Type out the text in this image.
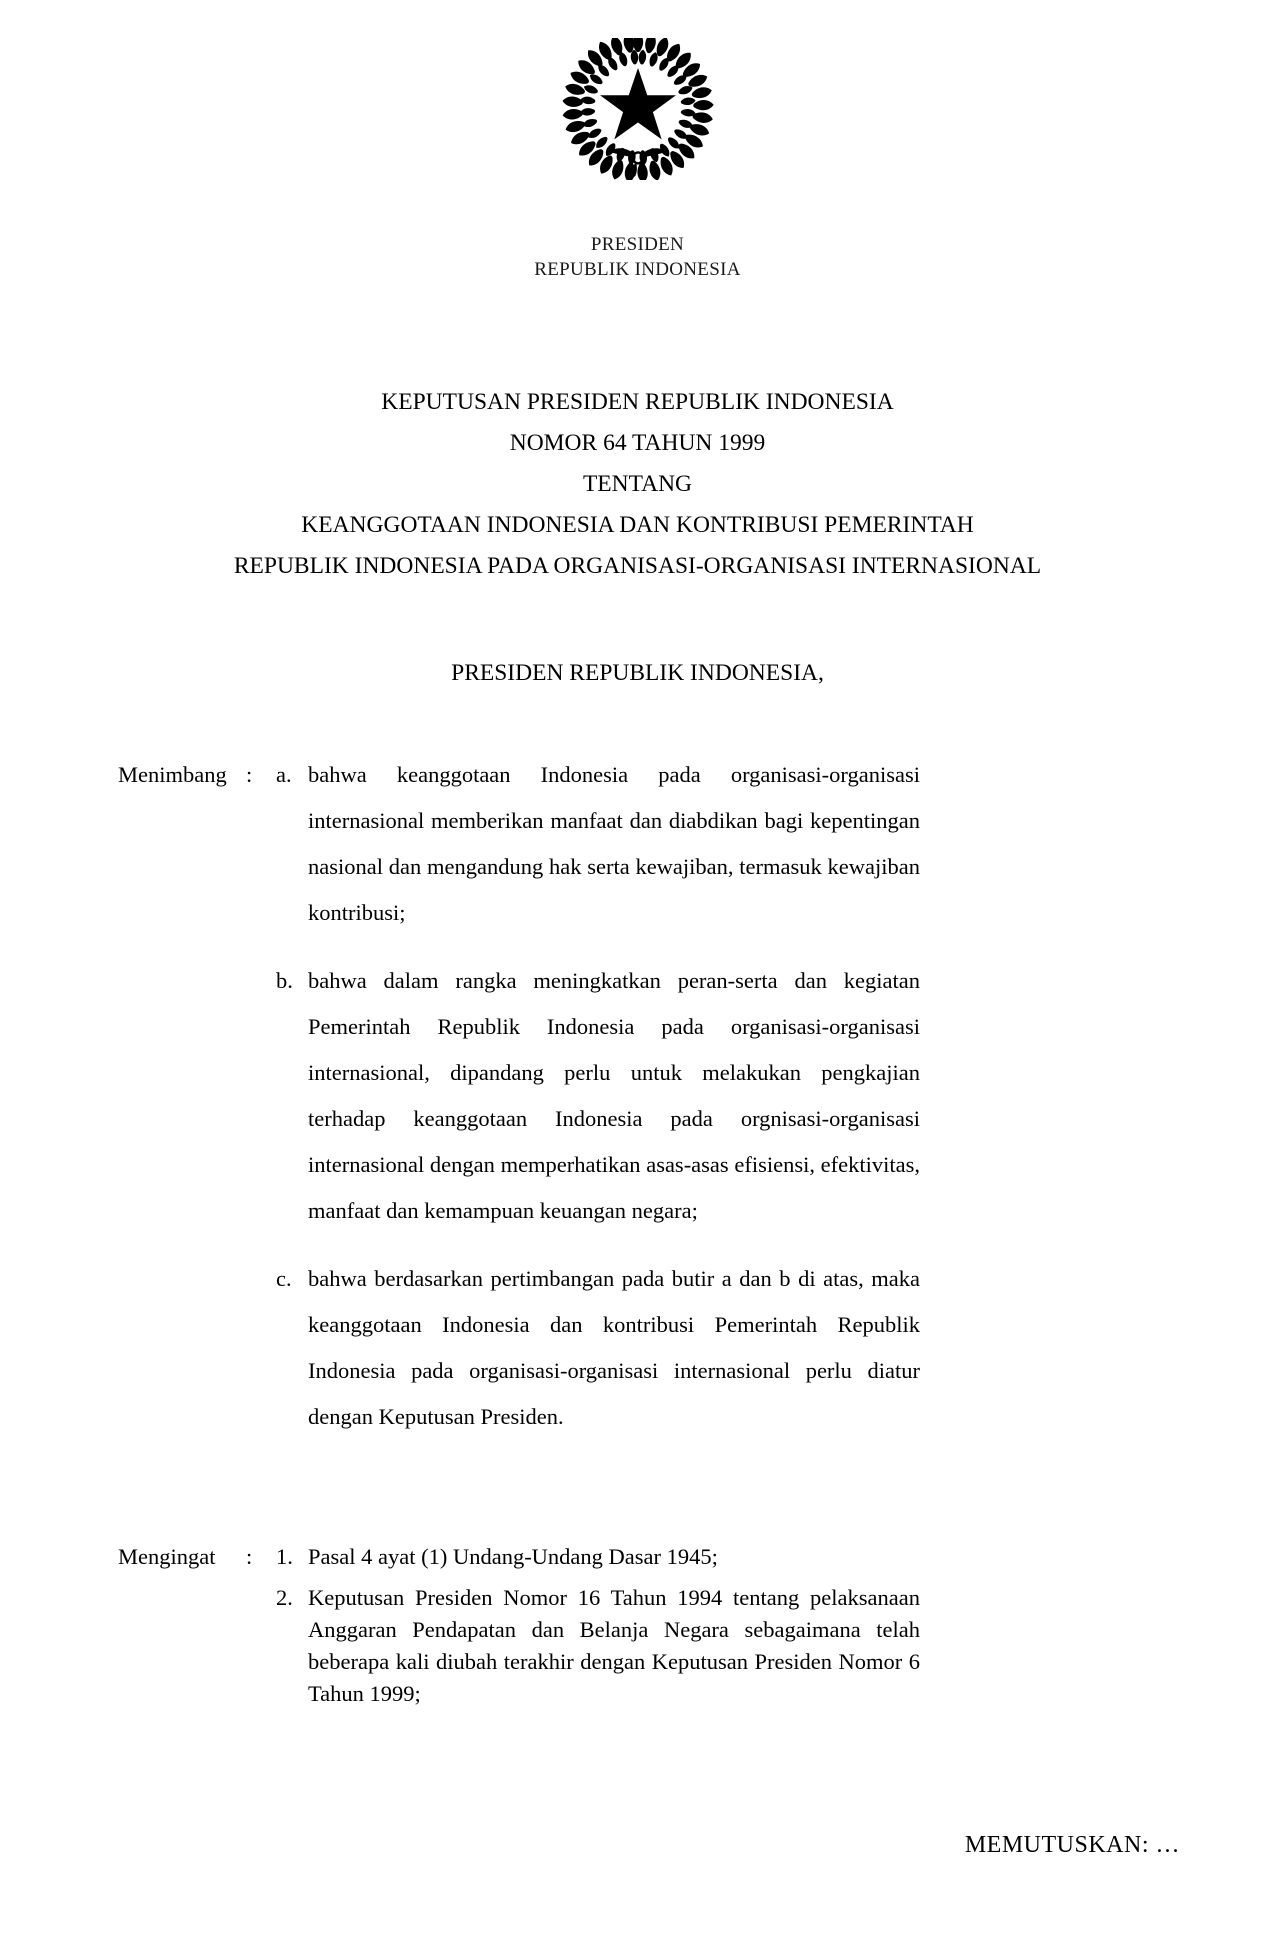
PRESIDEN
REPUBLIK INDONESIA
KEPUTUSAN PRESIDEN REPUBLIK INDONESIA
NOMOR 64 TAHUN 1999
TENTANG
KEANGGOTAAN INDONESIA DAN KONTRIBUSI PEMERINTAH
REPUBLIK INDONESIA PADA ORGANISASI-ORGANISASI INTERNASIONAL
PRESIDEN REPUBLIK INDONESIA,
Menimbang :	a. bahwa keanggotaan Indonesia pada organisasi-organisasi internasional memberikan manfaat dan diabdikan bagi kepentingan nasional dan mengandung hak serta kewajiban, termasuk kewajiban kontribusi;
b. bahwa dalam rangka meningkatkan peran-serta dan kegiatan Pemerintah Republik Indonesia pada organisasi-organisasi internasional, dipandang perlu untuk melakukan pengkajian terhadap keanggotaan Indonesia pada orgnisasi-organisasi internasional dengan memperhatikan asas-asas efisiensi, efektivitas, manfaat dan kemampuan keuangan negara;
c. bahwa berdasarkan pertimbangan pada butir a dan b di atas, maka keanggotaan Indonesia dan kontribusi Pemerintah Republik Indonesia pada organisasi-organisasi internasional perlu diatur dengan Keputusan Presiden.
Mengingat	:	1. Pasal 4 ayat (1) Undang-Undang Dasar 1945;
2. Keputusan Presiden Nomor 16 Tahun 1994 tentang pelaksanaan Anggaran Pendapatan dan Belanja Negara sebagaimana telah beberapa kali diubah terakhir dengan Keputusan Presiden Nomor 6 Tahun 1999;
MEMUTUSKAN: …
